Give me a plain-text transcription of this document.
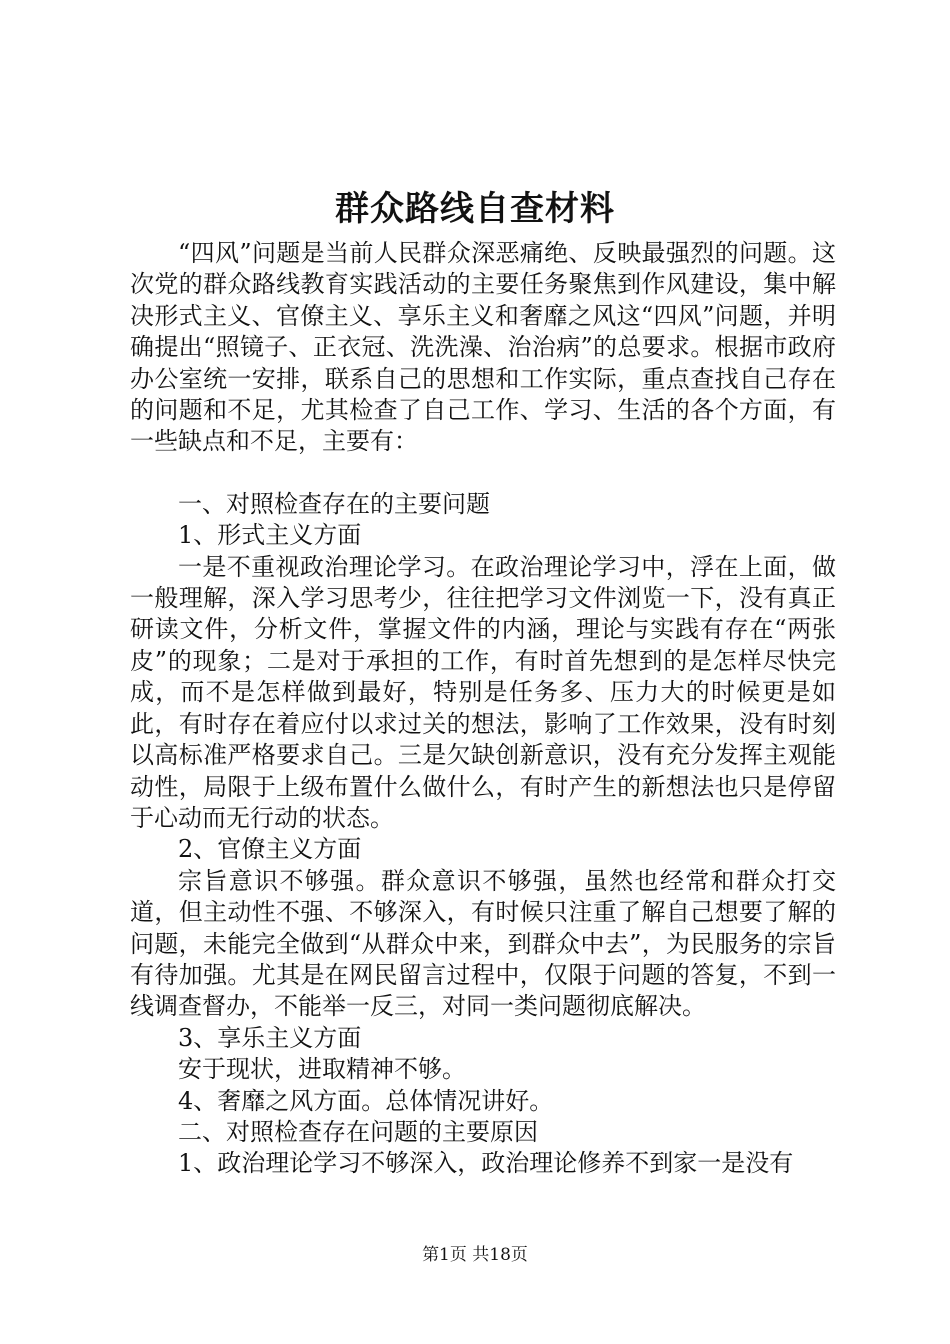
群众路线自查材料

“四风”问题是当前人民群众深恶痛绝、反映最强烈的问题。这次党的群众路线教育实践活动的主要任务聚焦到作风建设，集中解决形式主义、官僚主义、享乐主义和奢靡之风这“四风”问题，并明确提出“照镜子、正衣冠、洗洗澡、治治病”的总要求。根据市政府办公室统一安排，联系自己的思想和工作实际，重点查找自己存在的问题和不足，尤其检查了自己工作、学习、生活的各个方面，有一些缺点和不足，主要有：

一、对照检查存在的主要问题

1、形式主义方面

一是不重视政治理论学习。在政治理论学习中，浮在上面，做一般理解，深入学习思考少，往往把学习文件浏览一下，没有真正研读文件，分析文件，掌握文件的内涵，理论与实践有存在“两张皮”的现象；二是对于承担的工作，有时首先想到的是怎样尽快完成，而不是怎样做到最好，特别是任务多、压力大的时候更是如此，有时存在着应付以求过关的想法，影响了工作效果，没有时刻以高标准严格要求自己。三是欠缺创新意识，没有充分发挥主观能动性，局限于上级布置什么做什么，有时产生的新想法也只是停留于心动而无行动的状态。

2、官僚主义方面

宗旨意识不够强。群众意识不够强，虽然也经常和群众打交道，但主动性不强、不够深入，有时候只注重了解自己想要了解的问题，未能完全做到“从群众中来，到群众中去”，为民服务的宗旨有待加强。尤其是在网民留言过程中，仅限于问题的答复，不到一线调查督办，不能举一反三，对同一类问题彻底解决。

3、享乐主义方面

安于现状，进取精神不够。

4、奢靡之风方面。总体情况讲好。

二、对照检查存在问题的主要原因

1、政治理论学习不够深入，政治理论修养不到家一是没有

第1页 共18页
